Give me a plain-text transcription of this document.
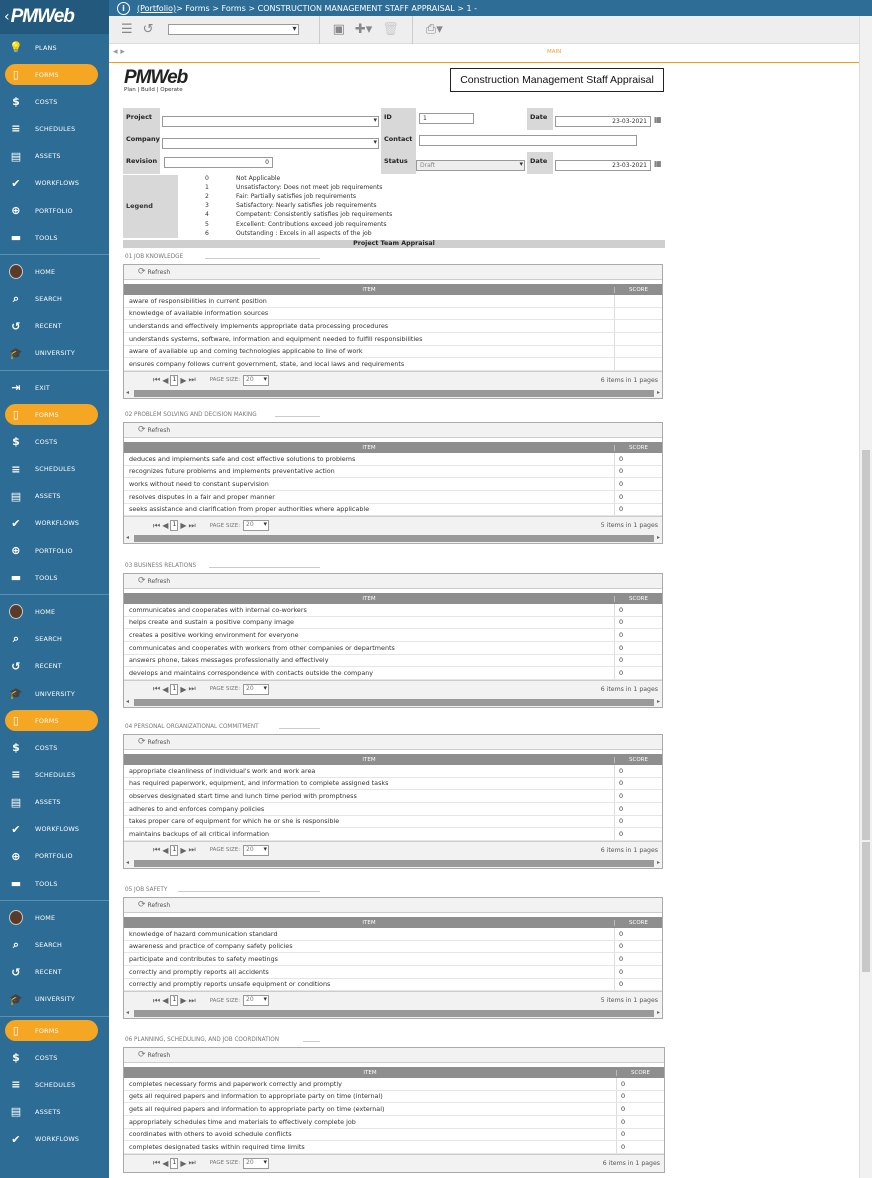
‹ PMWeb
💡 PLANS
▯	FORMS
$	COSTS
≡	SCHEDULES
▤ ASSETS
✔	WORKFLOWS
⊕	PORTFOLIO
▬ TOOLS
HOME
⌕	SEARCH
↺	RECENT
🎓 UNIVERSITY
⇥	EXIT
▯	FORMS
$	COSTS
≡	SCHEDULES
▤ ASSETS
✔	WORKFLOWS
⊕	PORTFOLIO
▬ TOOLS
HOME
⌕	SEARCH
↺	RECENT
🎓 UNIVERSITY
▯	FORMS
$	COSTS
≡	SCHEDULES
▤ ASSETS
✔	WORKFLOWS
⊕	PORTFOLIO
▬ TOOLS
HOME
⌕	SEARCH
↺	RECENT
🎓 UNIVERSITY
▯	FORMS
$	COSTS
≡	SCHEDULES
▤ ASSETS
✔	WORKFLOWS
i	(Portfolio) > Forms > Forms > CONSTRUCTION MANAGEMENT STAFF APPRAISAL > 1 -
☰ ↺ ▾	▣ ✚▾ 🗑 ⎙▾
◂ ▸	MAIN
PMWeb
Plan | Build | Operate
Construction Management Staff Appraisal
Project ▾	ID	1	Date
23-03-2021 ▦
Company ▾	Contact
Revision	0	Status
Draft ▾
Date
23-03-2021 ▦
Legend
0	Not Applicable
1	Unsatisfactory: Does not meet job requirements
2	Fair: Partially satisfies job requirements
3	Satisfactory: Nearly satisfies job requirements
4	Competent: Consistently satisfies job requirements
5	Excellent: Contributions exceed job requirements
6	Outstanding : Excels in all aspects of the job
Project Team Appraisal
01 JOB KNOWLEDGE
⟳ Refresh
ITEM	SCORE
aware of responsibilities in current position
knowledge of available information sources
understands and effectively implements appropriate data processing procedures
understands systems, software, information and equipment needed to fulfill responsibilities
aware of available up and coming technologies applicable to line of work
ensures company follows current government, state, and local laws and requirements
⏮ ◀ 1 ▶ ⏭	PAGE SIZE:	20 ▾	6 items in 1 pages
◂	▸
02 PROBLEM SOLVING AND DECISION MAKING
⟳ Refresh
ITEM	SCORE
deduces and implements safe and cost effective solutions to problems	0
recognizes future problems and implements preventative action	0
works without need to constant supervision	0
resolves disputes in a fair and proper manner	0
seeks assistance and clarification from proper authorities where applicable	0
⏮ ◀ 1 ▶ ⏭	PAGE SIZE:	20 ▾	5 items in 1 pages
◂	▸
03 BUSINESS RELATIONS
⟳ Refresh
ITEM	SCORE
communicates and cooperates with internal co-workers	0
helps create and sustain a positive company image	0
creates a positive working environment for everyone	0
communicates and cooperates with workers from other companies or departments	0
answers phone, takes messages professionally and effectively	0
develops and maintains correspondence with contacts outside the company	0
⏮ ◀ 1 ▶ ⏭	PAGE SIZE:	20 ▾	6 items in 1 pages
◂	▸
04 PERSONAL ORGANIZATIONAL COMMITMENT
⟳ Refresh
ITEM	SCORE
appropriate cleanliness of individual's work and work area	0
has required paperwork, equipment, and information to complete assigned tasks	0
observes designated start time and lunch time period with promptness	0
adheres to and enforces company policies	0
takes proper care of equipment for which he or she is responsible	0
maintains backups of all critical information	0
⏮ ◀ 1 ▶ ⏭	PAGE SIZE:	20 ▾	6 items in 1 pages
◂	▸
05 JOB SAFETY
⟳ Refresh
ITEM	SCORE
knowledge of hazard communication standard	0
awareness and practice of company safety policies	0
participate and contributes to safety meetings	0
correctly and promptly reports all accidents	0
correctly and promptly reports unsafe equipment or conditions	0
⏮ ◀ 1 ▶ ⏭	PAGE SIZE:	20 ▾	5 items in 1 pages
◂	▸
06 PLANNING, SCHEDULING, AND JOB COORDINATION
⟳ Refresh
ITEM	SCORE
completes necessary forms and paperwork correctly and promptly	0
gets all required papers and information to appropriate party on time (internal)	0
gets all required papers and information to appropriate party on time (external)	0
appropriately schedules time and materials to effectively complete job	0
coordinates with others to avoid schedule conflicts	0
completes designated tasks within required time limits	0
⏮ ◀ 1 ▶ ⏭	PAGE SIZE:	20 ▾	6 items in 1 pages
